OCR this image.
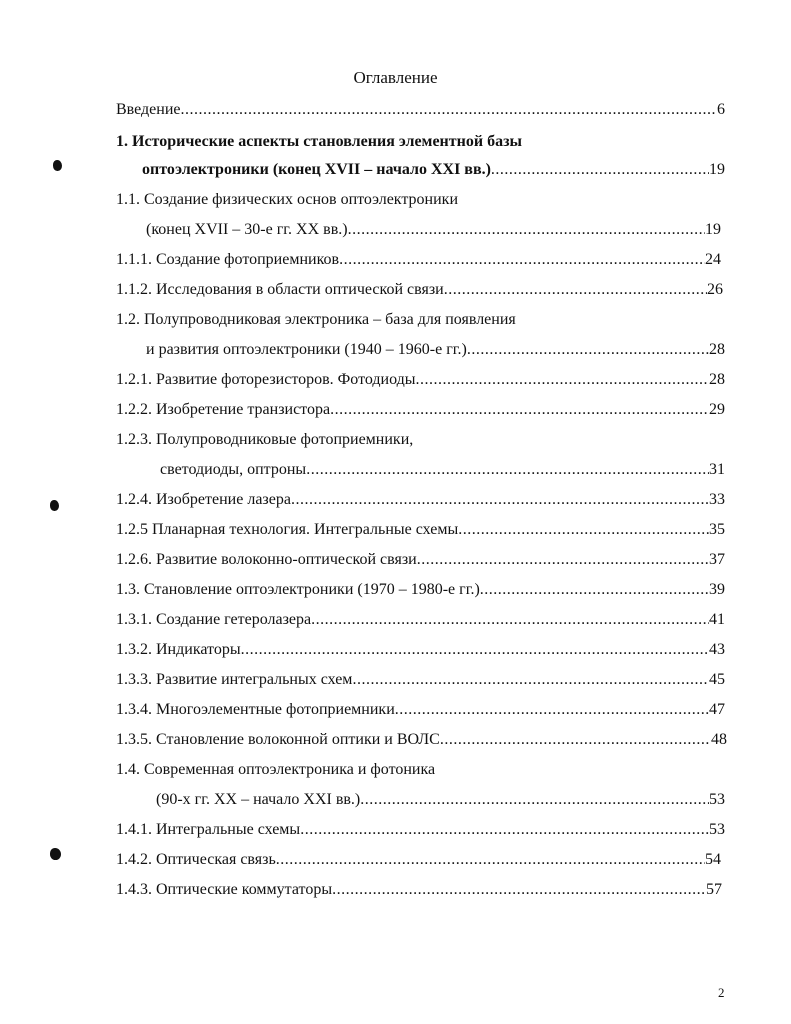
Оглавление
Введение .....	6
1. Исторические аспекты становления элементной базы
оптоэлектроники (конец XVII – начало XXI вв.) .....	19
1.1. Создание физических основ оптоэлектроники
(конец XVII – 30-е гг. XX вв.) .....	19
1.1.1. Создание фотоприемников .....	24
1.1.2. Исследования в области оптической связи .....	26
1.2. Полупроводниковая электроника – база для появления
и развития оптоэлектроники (1940 – 1960-е гг.) .....	28
1.2.1. Развитие фоторезисторов. Фотодиоды .....	28
1.2.2. Изобретение транзистора .....	29
1.2.3. Полупроводниковые фотоприемники,
светодиоды, оптроны .....	31
1.2.4. Изобретение лазера .....	33
1.2.5 Планарная технология. Интегральные схемы .....	35
1.2.6. Развитие волоконно-оптической связи .....	37
1.3. Становление оптоэлектроники (1970 – 1980-е гг.) .....	39
1.3.1. Создание гетеролазера .....	41
1.3.2. Индикаторы .....	43
1.3.3. Развитие интегральных схем .....	45
1.3.4. Многоэлементные фотоприемники .....	47
1.3.5. Становление волоконной оптики и ВОЛС .....	48
1.4. Современная оптоэлектроника и фотоника
(90-х гг. XX – начало XXI вв.) .....	53
1.4.1. Интегральные схемы .....	53
1.4.2. Оптическая связь .....	54
1.4.3. Оптические коммутаторы .....	57
2
